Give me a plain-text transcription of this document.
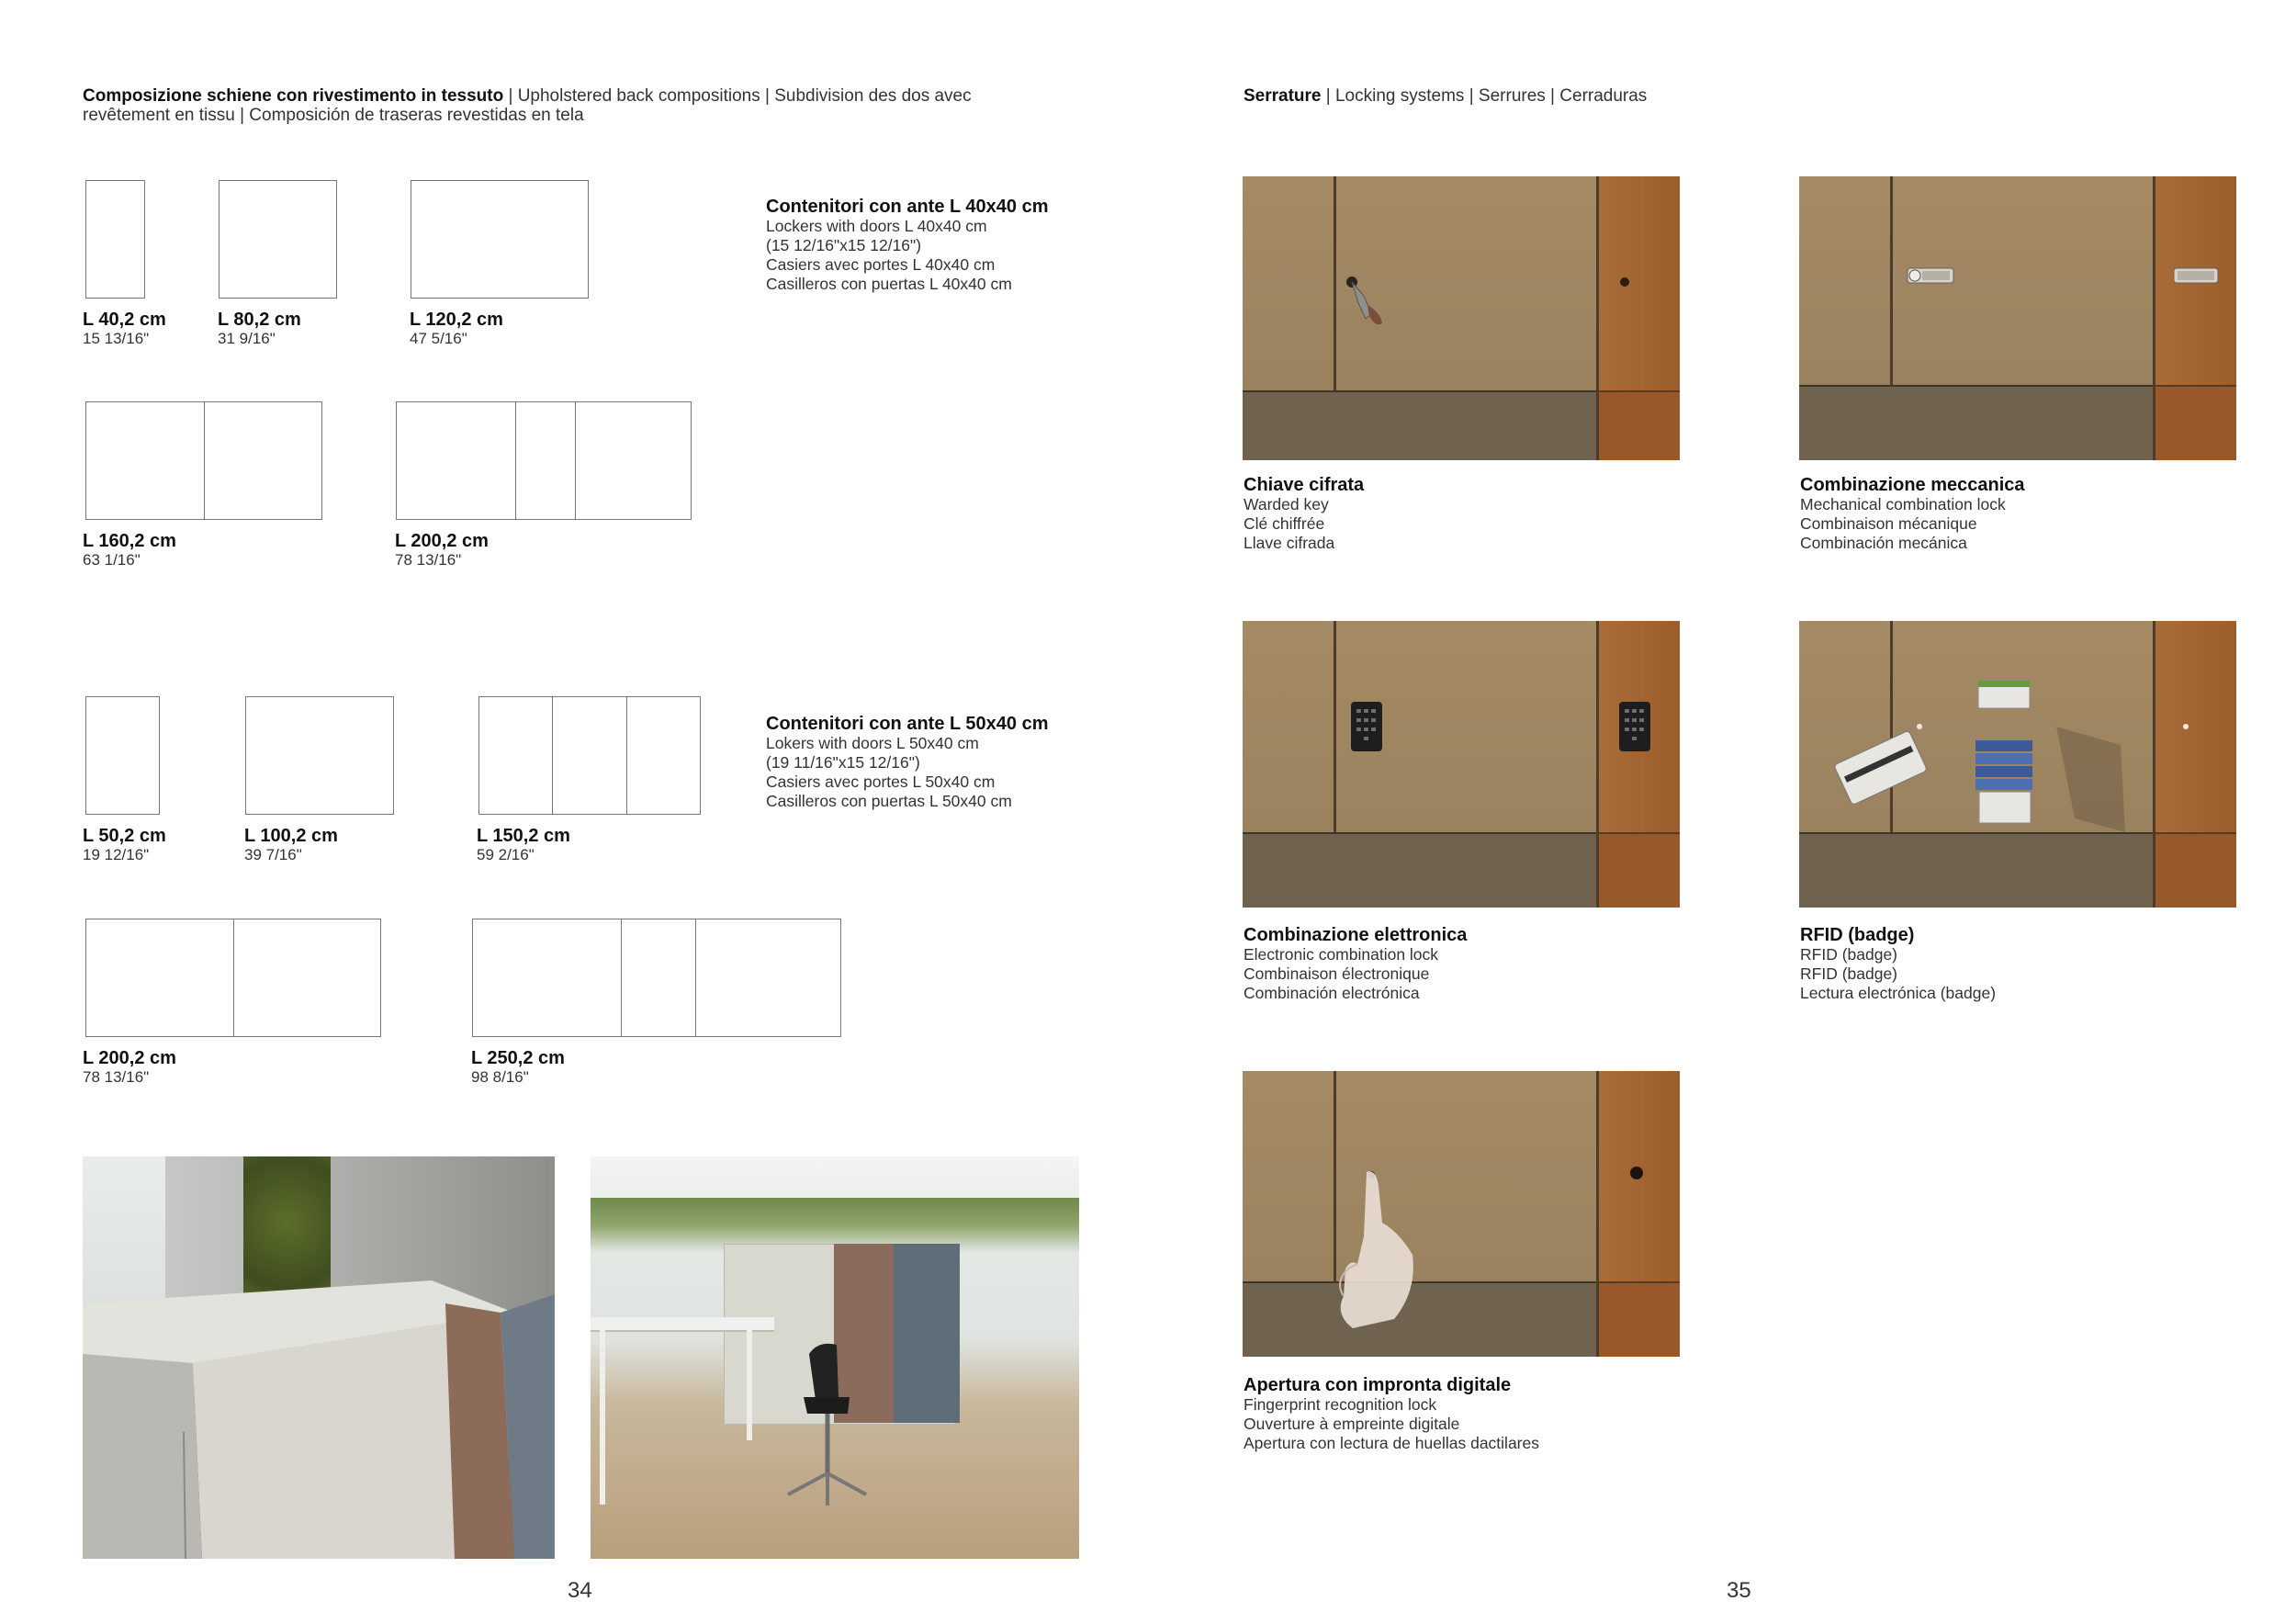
Composizione schiene con rivestimento in tessuto | Upholstered back compositions | Subdivision des dos avec revêtement en tissu | Composición de traseras revestidas en tela
L 40,2 cm
15 13/16"
L 80,2 cm
31 9/16"
L 120,2 cm
47 5/16"
L 160,2 cm
63 1/16"
L 200,2 cm
78 13/16"
Contenitori con ante L 40x40 cm
Lockers with doors L 40x40 cm
(15 12/16"x15 12/16")
Casiers avec portes L 40x40 cm
Casilleros con puertas L 40x40 cm
L 50,2 cm
19 12/16"
L 100,2 cm
39 7/16"
L 150,2 cm
59 2/16"
L 200,2 cm
78 13/16"
L 250,2 cm
98 8/16"
Contenitori con ante L 50x40 cm
Lokers with doors L 50x40 cm
(19 11/16"x15 12/16")
Casiers avec portes L 50x40 cm
Casilleros con puertas L 50x40 cm
34
Serrature | Locking systems | Serrures | Cerraduras
Chiave cifrata
Warded key
Clé chiffrée
Llave cifrada
Combinazione meccanica
Mechanical combination lock
Combinaison mécanique
Combinación mecánica
Combinazione elettronica
Electronic combination lock
Combinaison électronique
Combinación electrónica
RFID (badge)
RFID (badge)
RFID (badge)
Lectura electrónica (badge)
Apertura con impronta digitale
Fingerprint recognition lock
Ouverture à empreinte digitale
Apertura con lectura de huellas dactilares
35
